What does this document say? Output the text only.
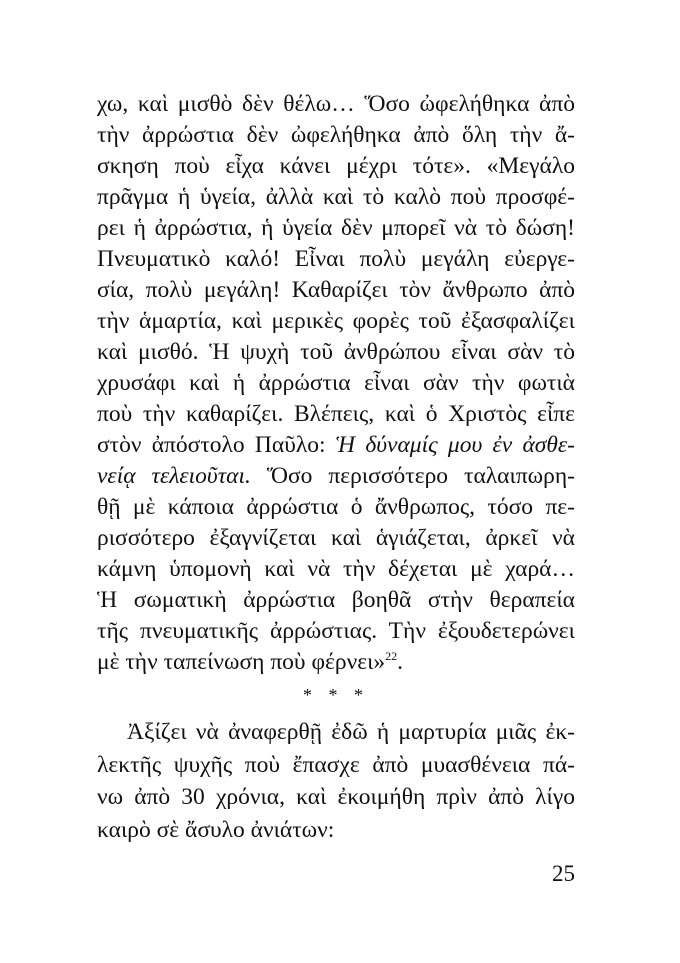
χω, καὶ μισθὸ δὲν θέλω… Ὅσο ὠφελήθηκα ἀπὸ
τὴν ἀρρώστια δὲν ὠφελήθηκα ἀπὸ ὅλη τὴν ἄ-
σκηση ποὺ εἶχα κάνει μέχρι τότε». «Μεγάλο
πρᾶγμα ἡ ὑγεία, ἀλλὰ καὶ τὸ καλὸ ποὺ προσφέ-
ρει ἡ ἀρρώστια, ἡ ὑγεία δὲν μπορεῖ νὰ τὸ δώση!
Πνευματικὸ καλό! Εἶναι πολὺ μεγάλη εὐεργε-
σία, πολὺ μεγάλη! Καθαρίζει τὸν ἄνθρωπο ἀπὸ
τὴν ἁμαρτία, καὶ μερικὲς φορὲς τοῦ ἐξασφαλίζει
καὶ μισθό. Ἡ ψυχὴ τοῦ ἀνθρώπου εἶναι σὰν τὸ
χρυσάφι καὶ ἡ ἀρρώστια εἶναι σὰν τὴν φωτιὰ
ποὺ τὴν καθαρίζει. Βλέπεις, καὶ ὁ Χριστὸς εἶπε
στὸν ἀπόστολο Παῦλο: Ἡ δύναμίς μου ἐν ἀσθε-
νείᾳ τελειοῦται. Ὅσο περισσότερο ταλαιπωρη-
θῇ μὲ κάποια ἀρρώστια ὁ ἄνθρωπος, τόσο πε-
ρισσότερο ἐξαγνίζεται καὶ ἁγιάζεται, ἀρκεῖ νὰ
κάμνη ὑπομονὴ καὶ νὰ τὴν δέχεται μὲ χαρά…
Ἡ σωματικὴ ἀρρώστια βοηθᾶ στὴν θεραπεία
τῆς πνευματικῆς ἀρρώστιας. Τὴν ἐξουδετερώνει
μὲ τὴν ταπείνωση ποὺ φέρνει»$^{22}$.
* * *
Ἀξίζει νὰ ἀναφερθῇ ἐδῶ ἡ μαρτυρία μιᾶς ἐκ-
λεκτῆς ψυχῆς ποὺ ἔπασχε ἀπὸ μυασθένεια πά-
νω ἀπὸ 30 χρόνια, καὶ ἐκοιμήθη πρὶν ἀπὸ λίγο
καιρὸ σὲ ἄσυλο ἀνιάτων:
25
